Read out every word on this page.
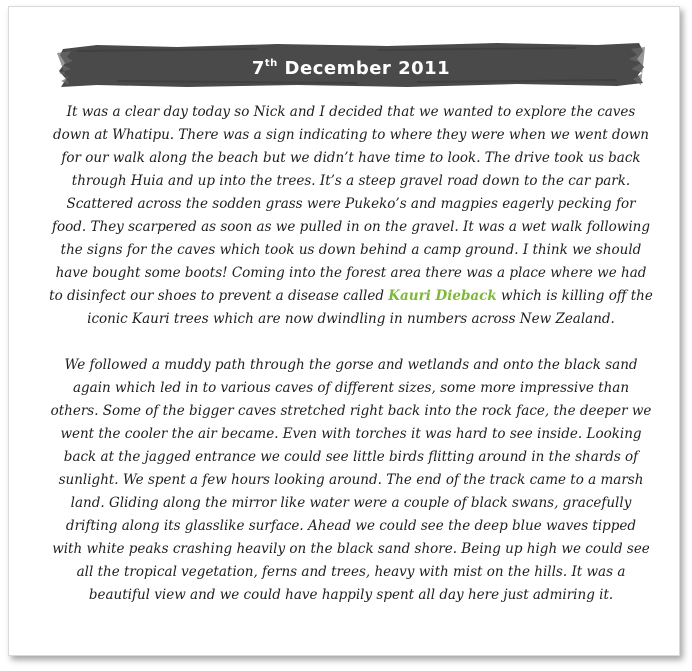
7th December 2011

It was a clear day today so Nick and I decided that we wanted to explore the caves down at Whatipu. There was a sign indicating to where they were when we went down for our walk along the beach but we didn’t have time to look. The drive took us back through Huia and up into the trees. It’s a steep gravel road down to the car park. Scattered across the sodden grass were Pukeko’s and magpies eagerly pecking for food. They scarpered as soon as we pulled in on the gravel. It was a wet walk following the signs for the caves which took us down behind a camp ground. I think we should have bought some boots! Coming into the forest area there was a place where we had to disinfect our shoes to prevent a disease called Kauri Dieback which is killing off the iconic Kauri trees which are now dwindling in numbers across New Zealand.

We followed a muddy path through the gorse and wetlands and onto the black sand again which led in to various caves of different sizes, some more impressive than others. Some of the bigger caves stretched right back into the rock face, the deeper we went the cooler the air became. Even with torches it was hard to see inside. Looking back at the jagged entrance we could see little birds flitting around in the shards of sunlight. We spent a few hours looking around. The end of the track came to a marsh land. Gliding along the mirror like water were a couple of black swans, gracefully drifting along its glasslike surface. Ahead we could see the deep blue waves tipped with white peaks crashing heavily on the black sand shore. Being up high we could see all the tropical vegetation, ferns and trees, heavy with mist on the hills. It was a beautiful view and we could have happily spent all day here just admiring it.
